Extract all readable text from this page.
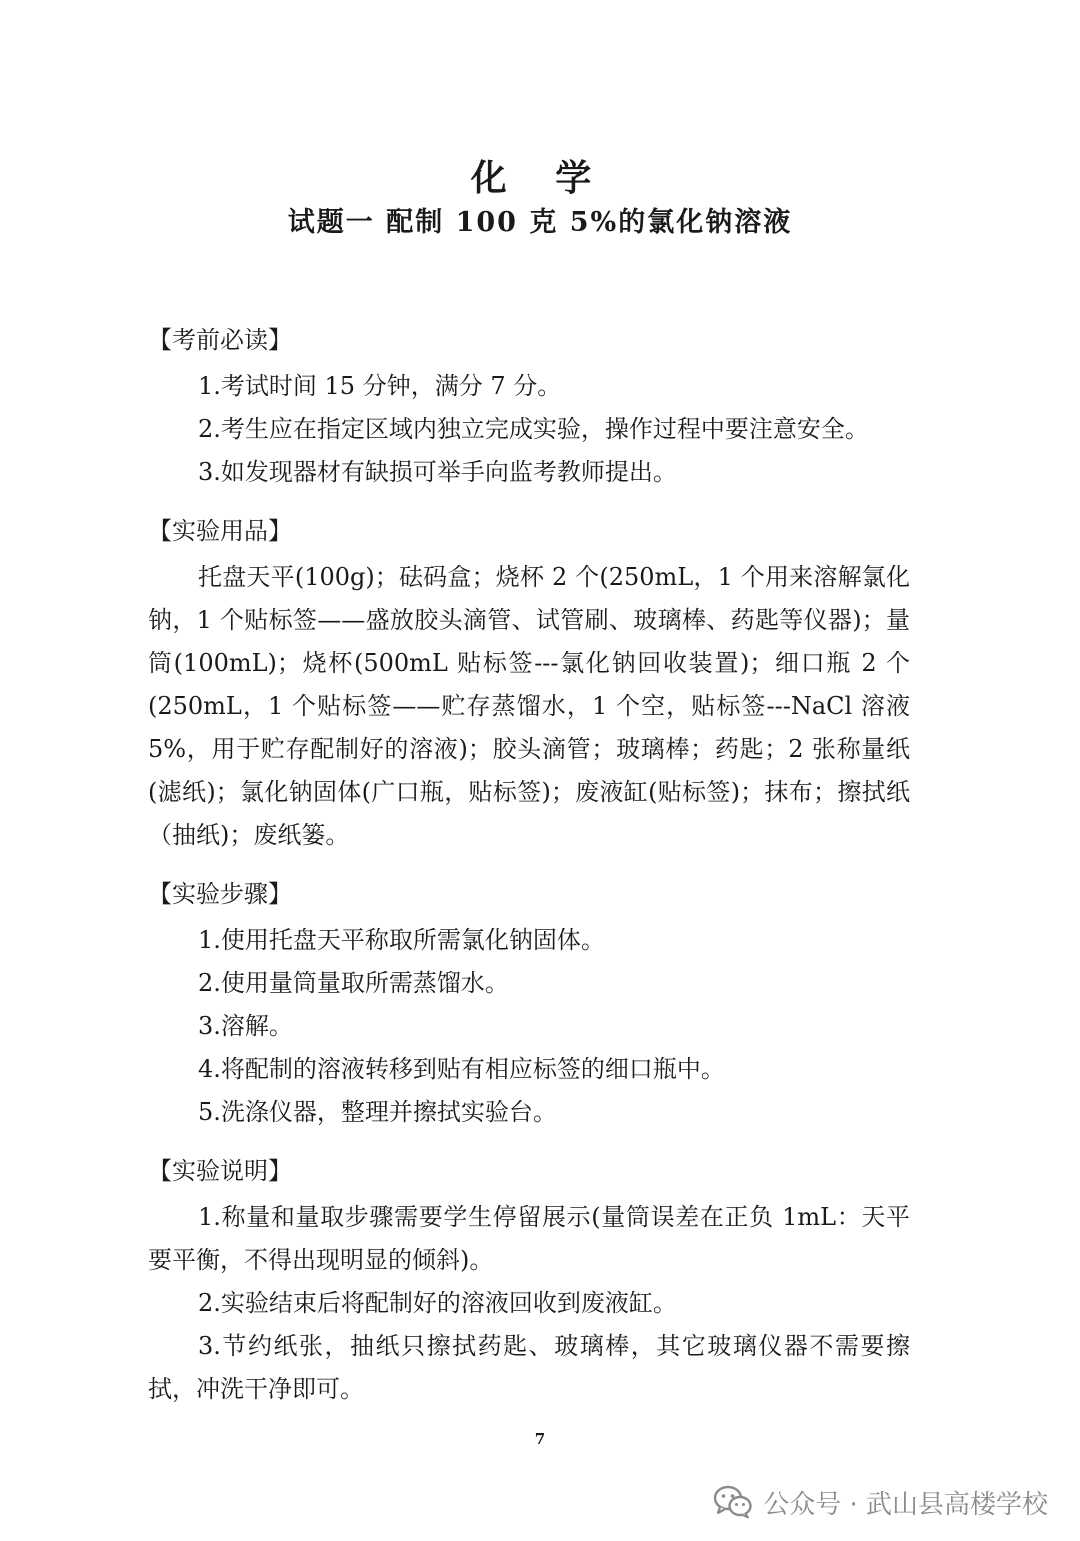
化 学
试题一 配制 100 克 5%的氯化钠溶液

【考前必读】

1.考试时间 15 分钟，满分 7 分。

2.考生应在指定区域内独立完成实验，操作过程中要注意安全。

3.如发现器材有缺损可举手向监考教师提出。

【实验用品】

托盘天平(100g)；砝码盒；烧杯 2 个(250mL，1 个用来溶解氯化钠，1 个贴标签——盛放胶头滴管、试管刷、玻璃棒、药匙等仪器)；量筒(100mL)；烧杯(500mL 贴标签---氯化钠回收装置)；细口瓶 2 个(250mL，1 个贴标签——贮存蒸馏水，1 个空，贴标签---NaCl 溶液 5%，用于贮存配制好的溶液)；胶头滴管；玻璃棒；药匙；2 张称量纸(滤纸)；氯化钠固体(广口瓶，贴标签)；废液缸(贴标签)；抹布；擦拭纸（抽纸)；废纸篓。

【实验步骤】

1.使用托盘天平称取所需氯化钠固体。

2.使用量筒量取所需蒸馏水。

3.溶解。

4.将配制的溶液转移到贴有相应标签的细口瓶中。

5.洗涤仪器，整理并擦拭实验台。

【实验说明】

1.称量和量取步骤需要学生停留展示(量筒误差在正负 1mL：天平要平衡，不得出现明显的倾斜)。

2.实验结束后将配制好的溶液回收到废液缸。

3.节约纸张，抽纸只擦拭药匙、玻璃棒，其它玻璃仪器不需要擦拭，冲洗干净即可。

7
公众号 · 武山县高楼学校
